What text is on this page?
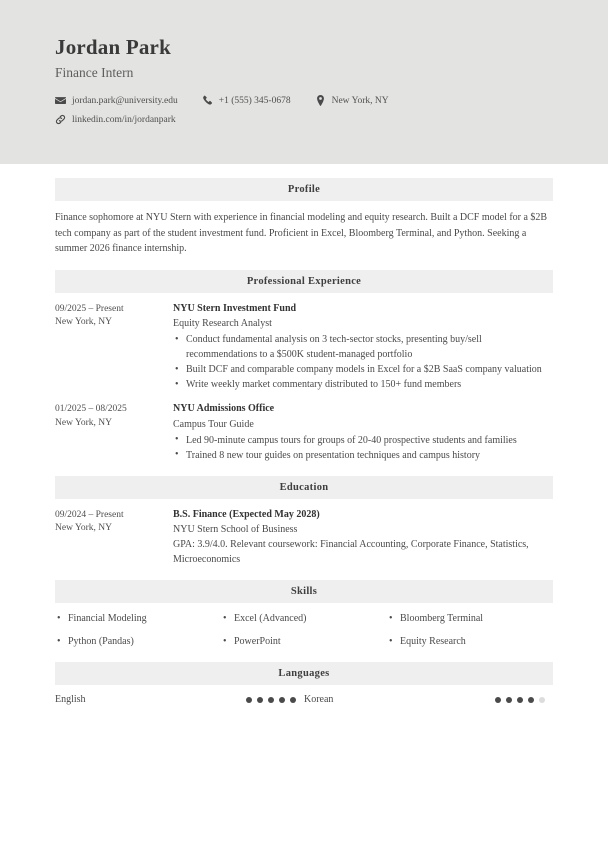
Jordan Park
Finance Intern
jordan.park@university.edu	+1 (555) 345-0678	New York, NY
linkedin.com/in/jordanpark
Profile

Finance sophomore at NYU Stern with experience in financial modeling and equity research. Built a DCF model for a $2B tech company as part of the student investment fund. Proficient in Excel, Bloomberg Terminal, and Python. Seeking a summer 2026 finance internship.

Professional Experience
09/2025 – Present
New York, NY
NYU Stern Investment Fund
Equity Research Analyst
• Conduct fundamental analysis on 3 tech-sector stocks, presenting buy/sell recommendations to a $500K student-managed portfolio
• Built DCF and comparable company models in Excel for a $2B SaaS company valuation
• Write weekly market commentary distributed to 150+ fund members
01/2025 – 08/2025
New York, NY
NYU Admissions Office
Campus Tour Guide
• Led 90-minute campus tours for groups of 20-40 prospective students and families
• Trained 8 new tour guides on presentation techniques and campus history
Education
09/2024 – Present
New York, NY
B.S. Finance (Expected May 2028)
NYU Stern School of Business
GPA: 3.9/4.0. Relevant coursework: Financial Accounting, Corporate Finance, Statistics, Microeconomics
Skills
• Financial Modeling	• Excel (Advanced)	• Bloomberg Terminal
• Python (Pandas)	• PowerPoint	• Equity Research
Languages
English	Korean
